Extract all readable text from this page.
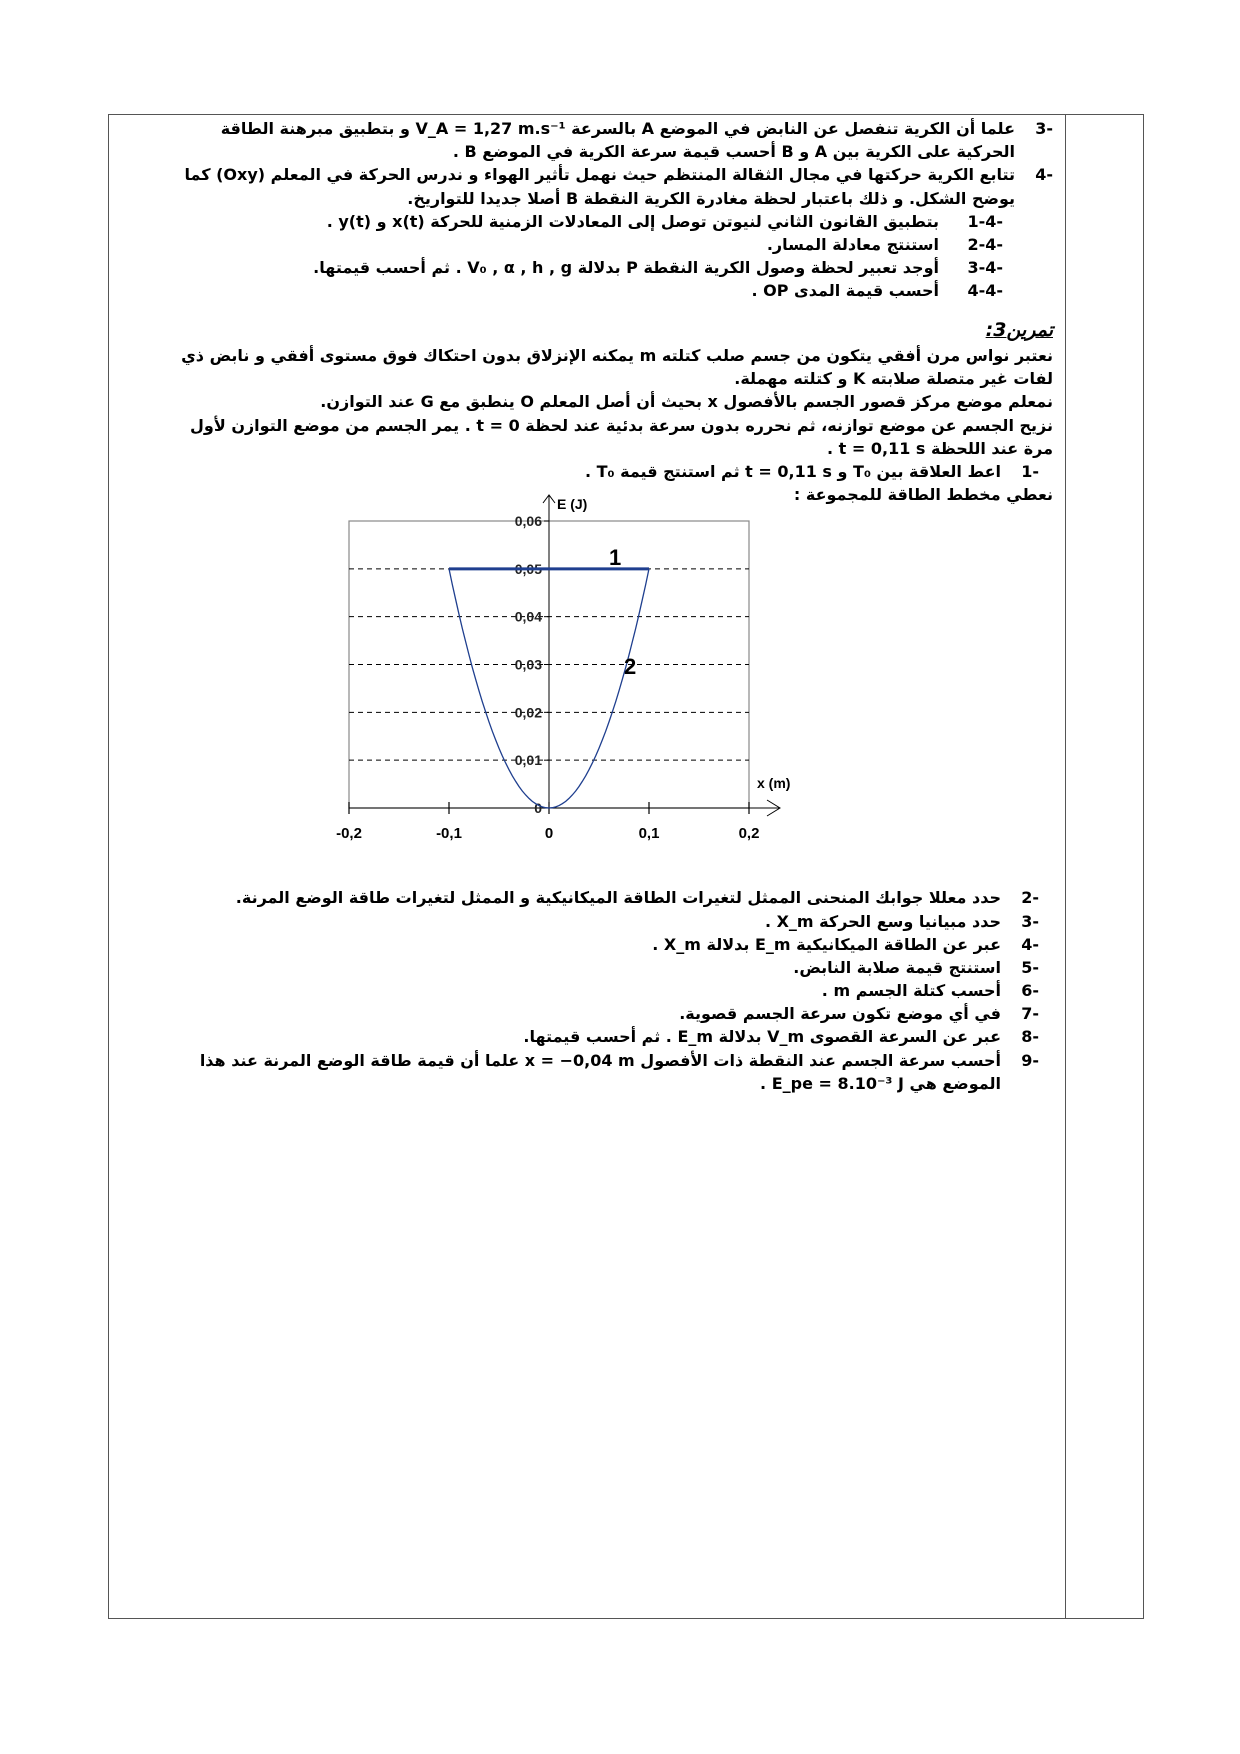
-3
علما أن الكرية تنفصل عن النابض في الموضع A بالسرعة V_A = 1,27 m.s⁻¹ و بتطبيق مبرهنة الطاقة
الحركية على الكرية بين A و B أحسب قيمة سرعة الكرية في الموضع B .
-4
تتابع الكرية حركتها في مجال الثقالة المنتظم حيث نهمل تأثير الهواء و ندرس الحركة في المعلم (Oxy) كما
يوضح الشكل. و ذلك باعتبار لحظة مغادرة الكرية النقطة B أصلا جديدا للتواريخ.
-1-4
بتطبيق القانون الثاني لنيوتن توصل إلى المعادلات الزمنية للحركة x(t) و y(t) .
-2-4
استنتج معادلة المسار.
-3-4
أوجد تعبير لحظة وصول الكرية النقطة P بدلالة V₀ , α , h , g . ثم أحسب قيمتها.
-4-4
أحسب قيمة المدى OP .
تمرين3:
نعتبر نواس مرن أفقي يتكون من جسم صلب كتلته m يمكنه الإنزلاق بدون احتكاك فوق مستوى أفقي و نابض ذي
لفات غير متصلة صلابته K و كتلته مهملة.
نمعلم موضع مركز قصور الجسم بالأفصول x بحيث أن أصل المعلم O ينطبق مع G عند التوازن.
نزيح الجسم عن موضع توازنه، ثم نحرره بدون سرعة بدئية عند لحظة t = 0 . يمر الجسم من موضع التوازن لأول
مرة عند اللحظة t = 0,11 s .
-1
اعط العلاقة بين T₀ و t = 0,11 s ثم استنتج قيمة T₀ .
نعطي مخطط الطاقة للمجموعة :
E (J)
x (m)
0
0,01
0,02
0,03
0,04
0,05
0,06
-0,2	-0,1	0	0,1	0,2
1
2
-2
حدد معللا جوابك المنحنى الممثل لتغيرات الطاقة الميكانيكية و الممثل لتغيرات طاقة الوضع المرنة.
-3
حدد مبيانيا وسع الحركة X_m .
-4
عبر عن الطاقة الميكانيكية E_m بدلالة X_m .
-5
استنتج قيمة صلابة النابض.
-6
أحسب كتلة الجسم m .
-7
في أي موضع تكون سرعة الجسم قصوية.
-8
عبر عن السرعة القصوى V_m بدلالة E_m . ثم أحسب قيمتها.
-9
أحسب سرعة الجسم عند النقطة ذات الأفصول x = −0,04 m علما أن قيمة طاقة الوضع المرنة عند هذا
الموضع هي E_pe = 8.10⁻³ J .
